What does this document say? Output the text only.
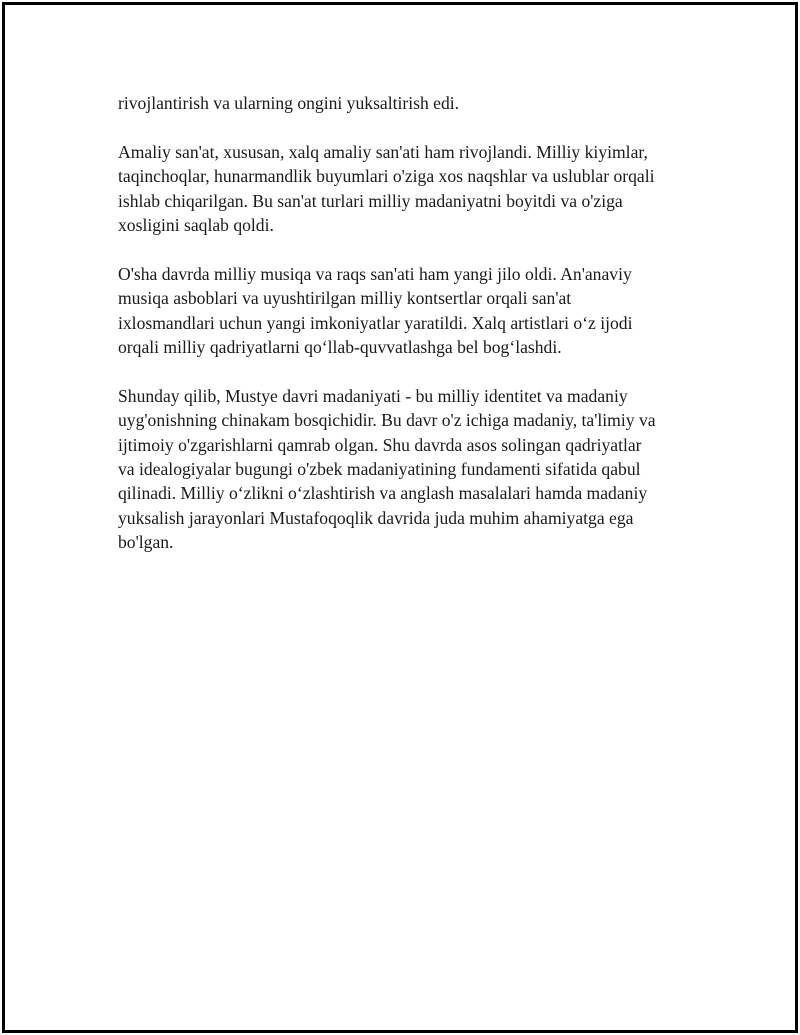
rivojlantirish va ularning ongini yuksaltirish edi.

Amaliy san'at, xususan, xalq amaliy san'ati ham rivojlandi. Milliy kiyimlar,
taqinchoqlar, hunarmandlik buyumlari o'ziga xos naqshlar va uslublar orqali
ishlab chiqarilgan. Bu san'at turlari milliy madaniyatni boyitdi va o'ziga
xosligini saqlab qoldi.

O'sha davrda milliy musiqa va raqs san'ati ham yangi jilo oldi. An'anaviy
musiqa asboblari va uyushtirilgan milliy kontsertlar orqali san'at
ixlosmandlari uchun yangi imkoniyatlar yaratildi. Xalq artistlari o‘z ijodi
orqali milliy qadriyatlarni qo‘llab-quvvatlashga bel bog‘lashdi.

Shunday qilib, Mustye davri madaniyati - bu milliy identitet va madaniy
uyg'onishning chinakam bosqichidir. Bu davr o'z ichiga madaniy, ta'limiy va
ijtimoiy o'zgarishlarni qamrab olgan. Shu davrda asos solingan qadriyatlar
va idealogiyalar bugungi o'zbek madaniyatining fundamenti sifatida qabul
qilinadi. Milliy o‘zlikni o‘zlashtirish va anglash masalalari hamda madaniy
yuksalish jarayonlari Mustafoqoqlik davrida juda muhim ahamiyatga ega
bo'lgan.
